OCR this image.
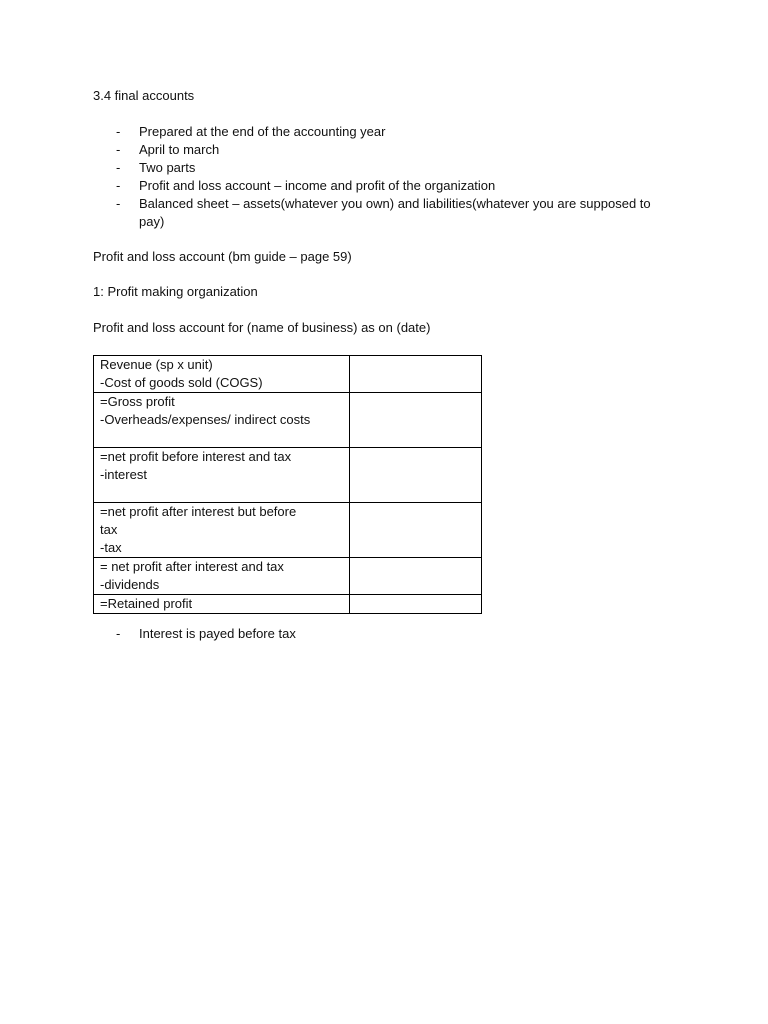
3.4 final accounts
- Prepared at the end of the accounting year
- April to march
- Two parts
- Profit and loss account – income and profit of the organization
- Balanced sheet – assets(whatever you own) and liabilities(whatever you are supposed to pay)
Profit and loss account (bm guide – page 59)
1: Profit making organization
Profit and loss account for (name of business) as on (date)
Revenue (sp x unit)
-Cost of goods sold (COGS)	

=Gross profit
-Overheads/expenses/ indirect costs	

=net profit before interest and tax
-interest	

=net profit after interest but before
tax
-tax	

= net profit after interest and tax
-dividends	

=Retained profit	

- Interest is payed before tax
